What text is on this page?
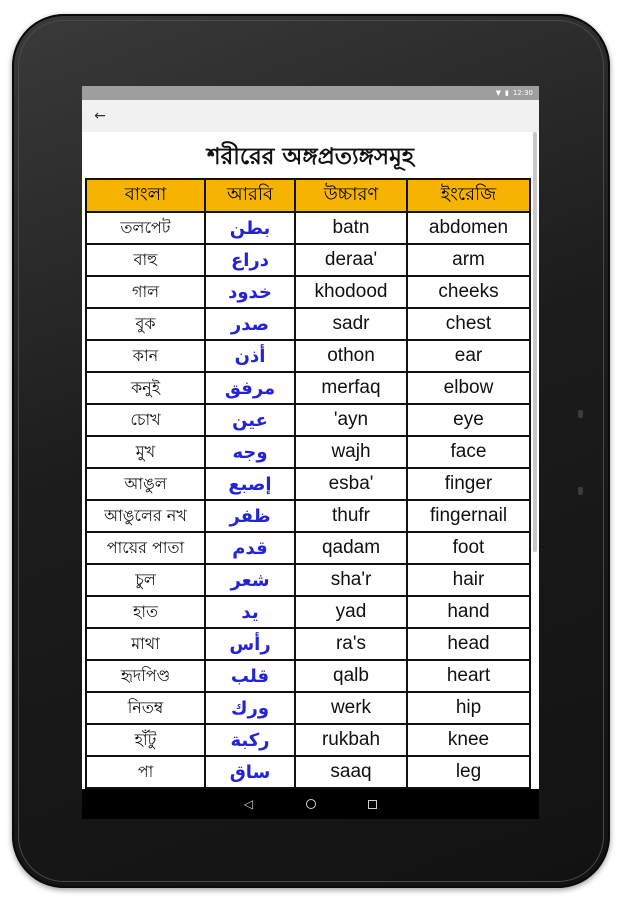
▼ ▮ 12:30
←
শরীরের অঙ্গপ্রত্যঙ্গসমূহ
বাংলা	আরবি	উচ্চারণ	ইংরেজি
তলপেট	بطن	batn	abdomen
বাহু	دراع	deraa'	arm
গাল	خدود	khodood	cheeks
বুক	صدر	sadr	chest
কান	أذن	othon	ear
কনুই	مرفق	merfaq	elbow
চোখ	عين	'ayn	eye
মুখ	وجه	wajh	face
আঙুল	إصبع	esba'	finger
আঙুলের নখ	ظفر	thufr	fingernail
পায়ের পাতা	قدم	qadam	foot
চুল	شعر	sha'r	hair
হাত	يد	yad	hand
মাথা	رأس	ra's	head
হৃদপিণ্ড	قلب	qalb	heart
নিতম্ব	ورك	werk	hip
হাঁটু	ركبة	rukbah	knee
পা	ساق	saaq	leg
◁
